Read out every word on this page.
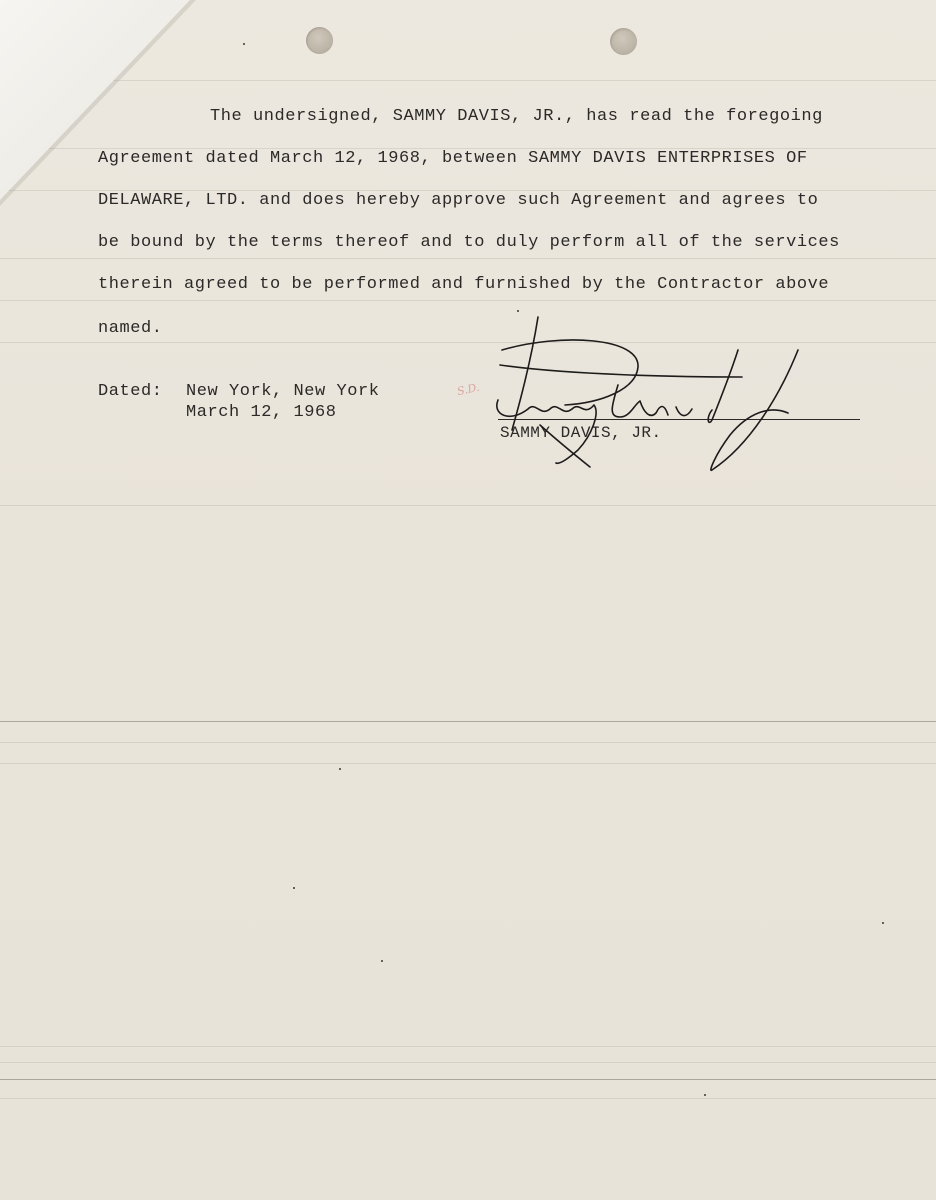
The undersigned, SAMMY DAVIS, JR., has read the foregoing
Agreement dated March 12, 1968, between SAMMY DAVIS ENTERPRISES OF
DELAWARE, LTD. and does hereby approve such Agreement and agrees to
be bound by the terms thereof and to duly perform all of the services
therein agreed to be performed and furnished by the Contractor above
named.
Dated: New York, New York
March 12, 1968
S.D.
SAMMY DAVIS, JR.
